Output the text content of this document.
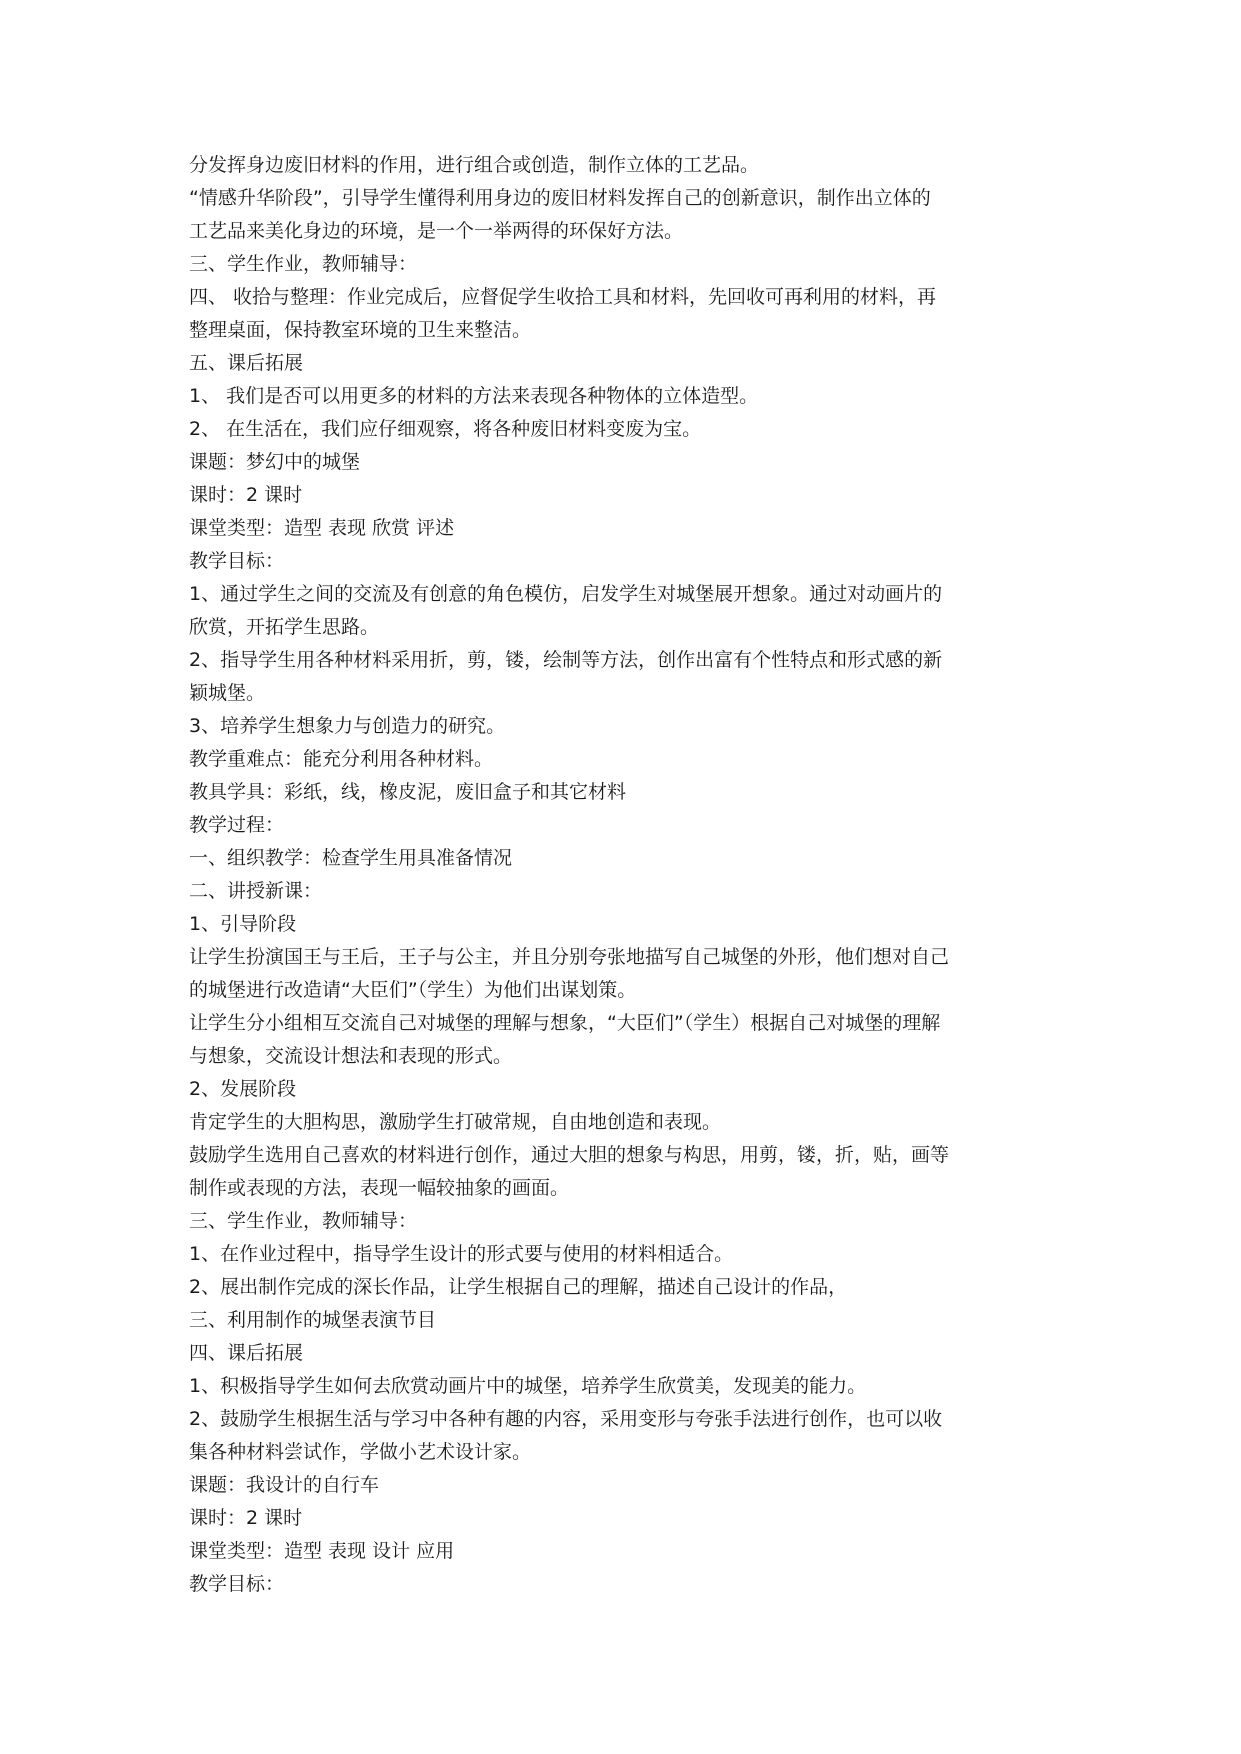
分发挥身边废旧材料的作用，进行组合或创造，制作立体的工艺品。
“情感升华阶段”，引导学生懂得利用身边的废旧材料发挥自己的创新意识，制作出立体的
工艺品来美化身边的环境，是一个一举两得的环保好方法。
三、学生作业，教师辅导：
四、 收拾与整理：作业完成后，应督促学生收拾工具和材料，先回收可再利用的材料，再
整理桌面，保持教室环境的卫生来整洁。
五、课后拓展
1、 我们是否可以用更多的材料的方法来表现各种物体的立体造型。
2、 在生活在，我们应仔细观察，将各种废旧材料变废为宝。
课题：梦幻中的城堡
课时：2 课时
课堂类型：造型 表现 欣赏 评述
教学目标：
1、通过学生之间的交流及有创意的角色模仿，启发学生对城堡展开想象。通过对动画片的
欣赏，开拓学生思路。
2、指导学生用各种材料采用折，剪，镂，绘制等方法，创作出富有个性特点和形式感的新
颖城堡。
3、培养学生想象力与创造力的研究。
教学重难点：能充分利用各种材料。
教具学具：彩纸，线，橡皮泥，废旧盒子和其它材料
教学过程：
一、组织教学：检查学生用具准备情况
二、讲授新课：
1、引导阶段
让学生扮演国王与王后，王子与公主，并且分别夸张地描写自己城堡的外形，他们想对自己
的城堡进行改造请“大臣们”（学生）为他们出谋划策。
让学生分小组相互交流自己对城堡的理解与想象，“大臣们”（学生）根据自己对城堡的理解
与想象，交流设计想法和表现的形式。
2、发展阶段
肯定学生的大胆构思，激励学生打破常规，自由地创造和表现。
鼓励学生选用自己喜欢的材料进行创作，通过大胆的想象与构思，用剪，镂，折，贴，画等
制作或表现的方法，表现一幅较抽象的画面。
三、学生作业，教师辅导：
1、在作业过程中，指导学生设计的形式要与使用的材料相适合。
2、展出制作完成的深长作品，让学生根据自己的理解，描述自己设计的作品，
三、利用制作的城堡表演节目
四、课后拓展
1、积极指导学生如何去欣赏动画片中的城堡，培养学生欣赏美，发现美的能力。
2、鼓励学生根据生活与学习中各种有趣的内容，采用变形与夸张手法进行创作，也可以收
集各种材料尝试作，学做小艺术设计家。
课题：我设计的自行车
课时：2 课时
课堂类型：造型 表现 设计 应用
教学目标：
